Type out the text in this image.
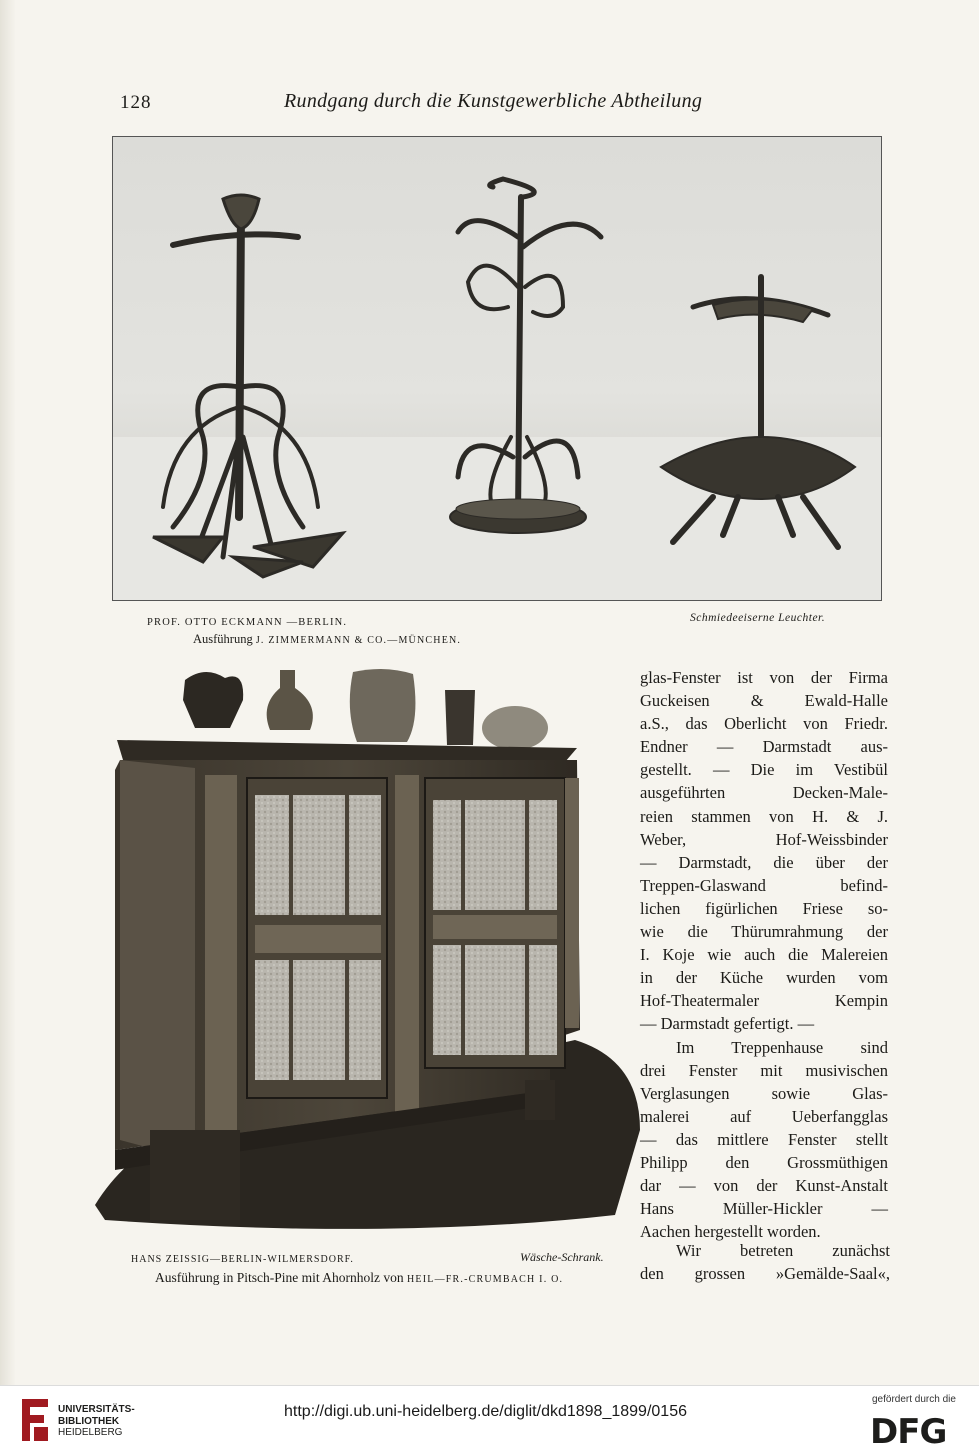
128	Rundgang durch die Kunstgewerbliche Abtheilung
PROF. OTTO ECKMANN —BERLIN.	Schmiedeeiserne Leuchter.
Ausführung J. ZIMMERMANN & CO.—MÜNCHEN.
HANS ZEISSIG—BERLIN-WILMERSDORF.	Wäsche-Schrank.
Ausführung in Pitsch-Pine mit Ahornholz von HEIL—FR.-CRUMBACH I. O.
glas-Fenster ist von der Firma
Guckeisen & Ewald-Halle
a.S., das Oberlicht von Friedr.
Endner — Darmstadt aus-
gestellt. — Die im Vestibül
ausgeführten Decken-Male-
reien stammen von H. & J.
Weber, Hof-Weissbinder
— Darmstadt, die über der
Treppen-Glaswand befind-
lichen figürlichen Friese so-
wie die Thürumrahmung der
I. Koje wie auch die Malereien
in der Küche wurden vom
Hof-Theatermaler Kempin
— Darmstadt gefertigt. —
Im Treppenhause sind
drei Fenster mit musivischen
Verglasungen sowie Glas-
malerei auf Ueberfangglas
— das mittlere Fenster stellt
Philipp den Grossmüthigen
dar — von der Kunst-Anstalt
Hans Müller-Hickler —
Aachen hergestellt worden.
Wir betreten zunächst
den grossen »Gemälde-Saal«,
UNIVERSITÄTS-
BIBLIOTHEK
HEIDELBERG
http://digi.ub.uni-heidelberg.de/diglit/dkd1898_1899/0156
gefördert durch die
DFG
